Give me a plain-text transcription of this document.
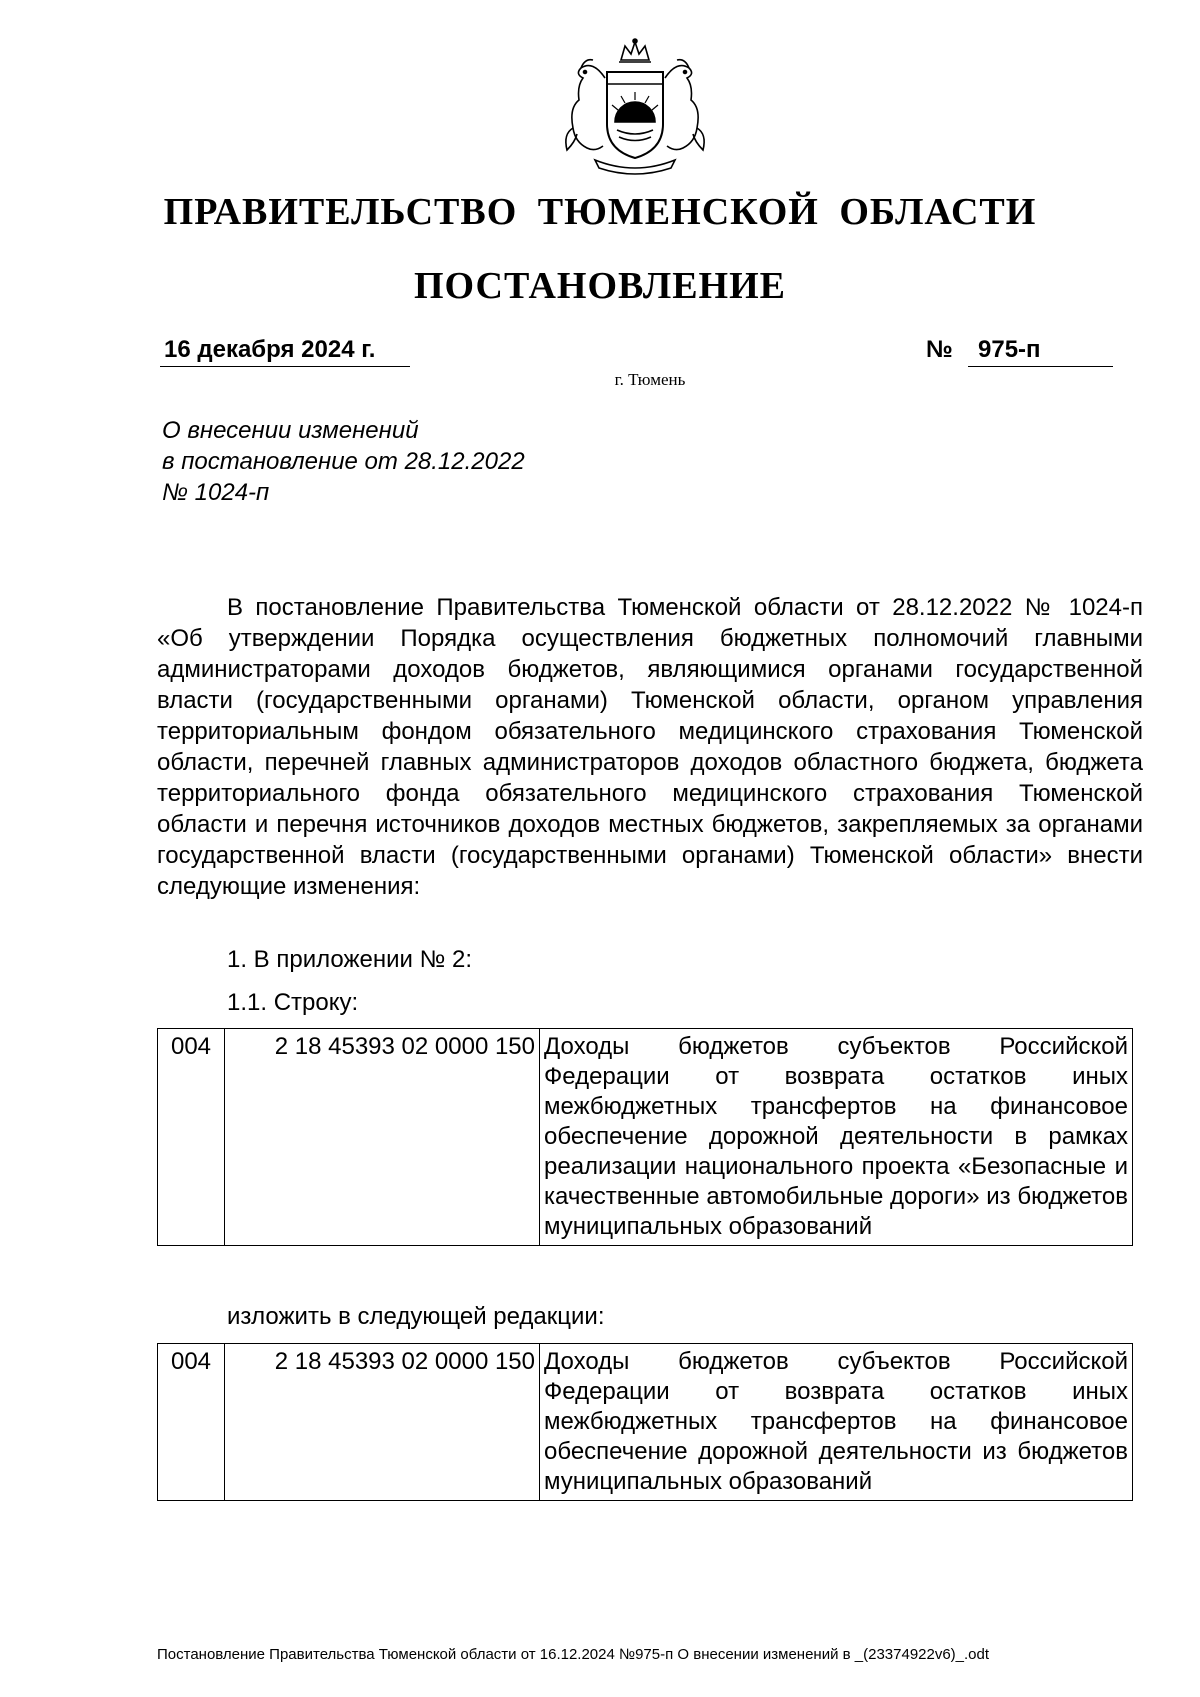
ПРАВИТЕЛЬСТВО ТЮМЕНСКОЙ ОБЛАСТИ
ПОСТАНОВЛЕНИЕ
16 декабря 2024 г.	№ 975-п
г. Тюмень
О внесении изменений
в постановление от 28.12.2022
№ 1024-п
В постановление Правительства Тюменской области от 28.12.2022 № 1024-п «Об утверждении Порядка осуществления бюджетных полномочий главными администраторами доходов бюджетов, являющимися органами государственной власти (государственными органами) Тюменской области, органом управления территориальным фондом обязательного медицинского страхования Тюменской области, перечней главных администраторов доходов областного бюджета, бюджета территориального фонда обязательного медицинского страхования Тюменской области и перечня источников доходов местных бюджетов, закрепляемых за органами государственной власти (государственными органами) Тюменской области» внести следующие изменения:
1. В приложении № 2:
1.1. Строку:
004	2 18 45393 02 0000 150	Доходы бюджетов субъектов Российской Федерации от возврата остатков иных межбюджетных трансфертов на финансовое обеспечение дорожной деятельности в рамках реализации национального проекта «Безопасные и качественные автомобильные дороги» из бюджетов муниципальных образований
изложить в следующей редакции:
004	2 18 45393 02 0000 150	Доходы бюджетов субъектов Российской Федерации от возврата остатков иных межбюджетных трансфертов на финансовое обеспечение дорожной деятельности из бюджетов муниципальных образований
Постановление Правительства Тюменской области от 16.12.2024 №975-п О внесении изменений в _(23374922v6)_.odt
